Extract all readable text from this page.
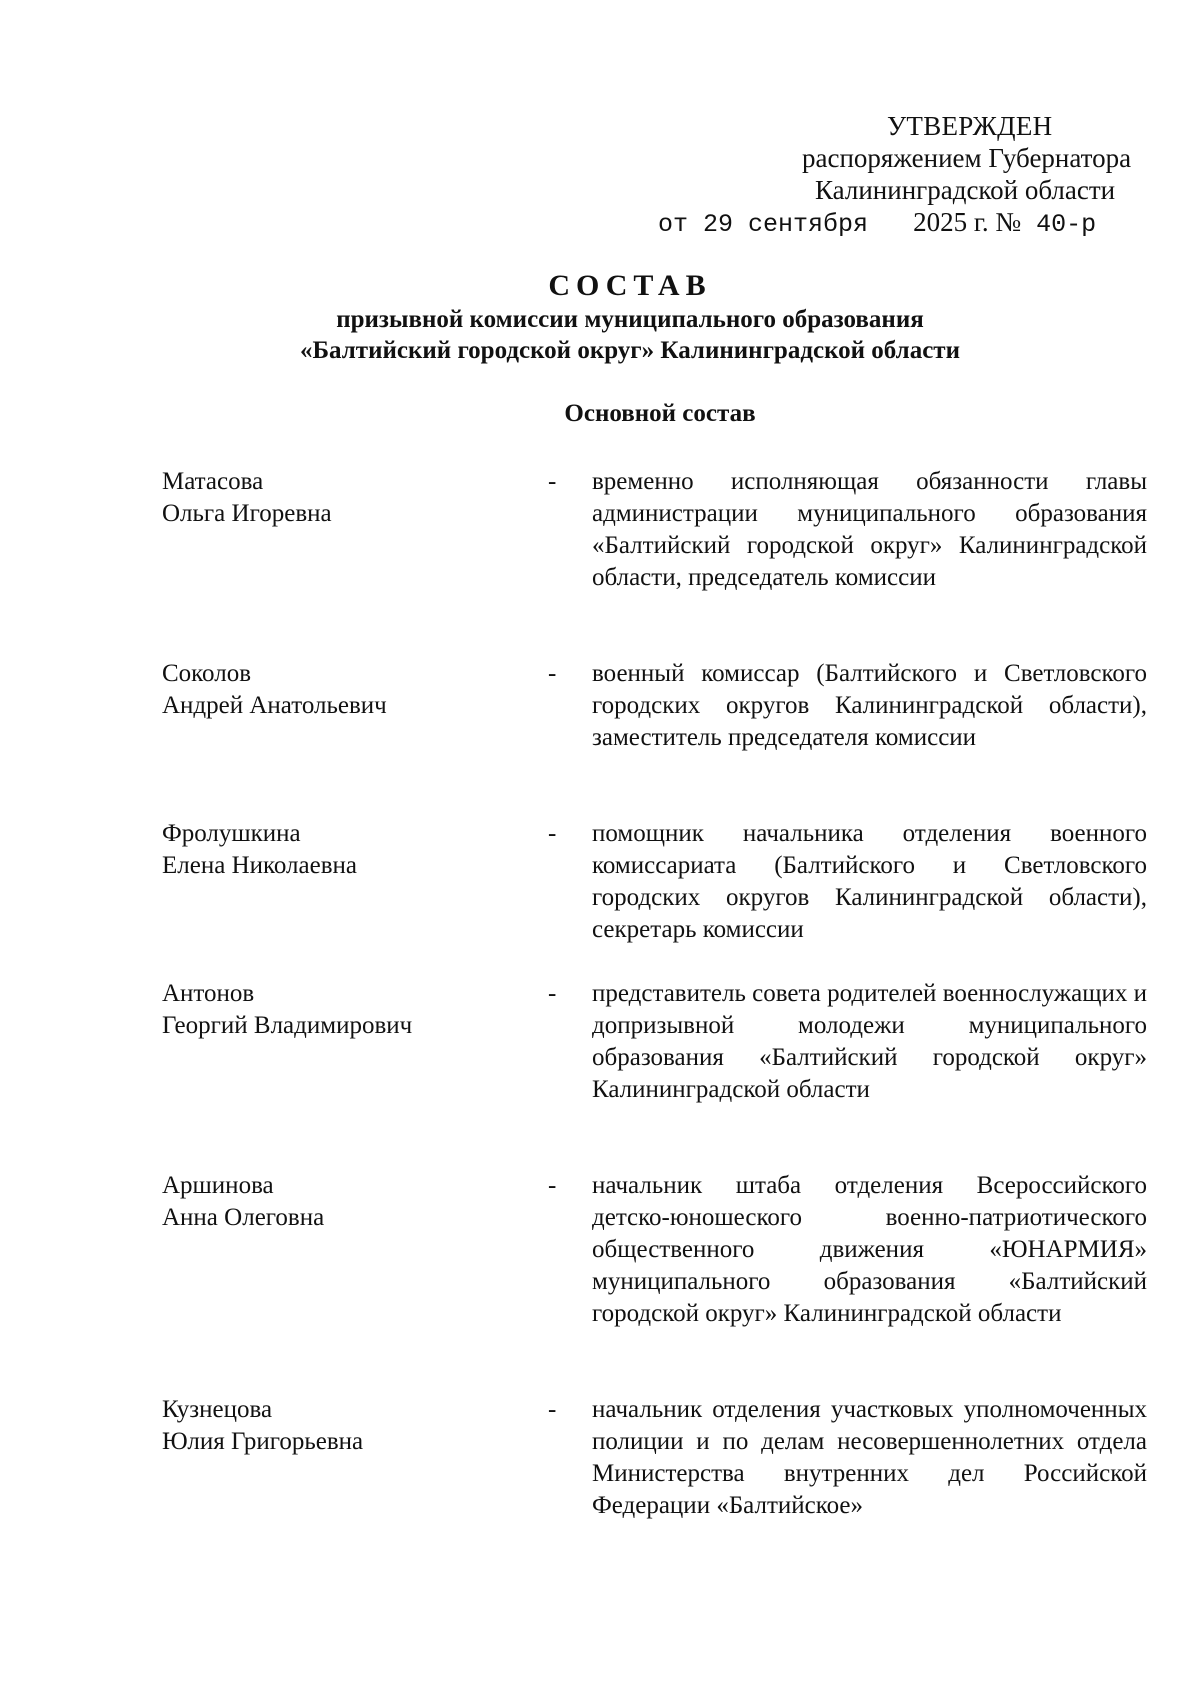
УТВЕРЖДЕН
распоряжением Губернатора
Калининградской области
от 29 сентября 2025 г. № 40-р
СОСТАВ
призывной комиссии муниципального образования
«Балтийский городской округ» Калининградской области
Основной состав
Матасова
Ольга Игоревна
- временно исполняющая обязанности главы администрации муниципального образования «Балтийский городской округ» Калининградской области, председатель комиссии
Соколов
Андрей Анатольевич
- военный комиссар (Балтийского и Светловского городских округов Калининградской области), заместитель председателя комиссии
Фролушкина
Елена Николаевна
- помощник начальника отделения военного комиссариата (Балтийского и Светловского городских округов Калининградской области), секретарь комиссии
Антонов
Георгий Владимирович
- представитель совета родителей военнослужащих и допризывной молодежи муниципального образования «Балтийский городской округ» Калининградской области
Аршинова
Анна Олеговна
- начальник штаба отделения Всероссийского детско-юношеского военно-патриотического общественного движения «ЮНАРМИЯ» муниципального образования «Балтийский городской округ» Калининградской области
Кузнецова
Юлия Григорьевна
- начальник отделения участковых уполномоченных полиции и по делам несовершеннолетних отдела Министерства внутренних дел Российской Федерации «Балтийское»
